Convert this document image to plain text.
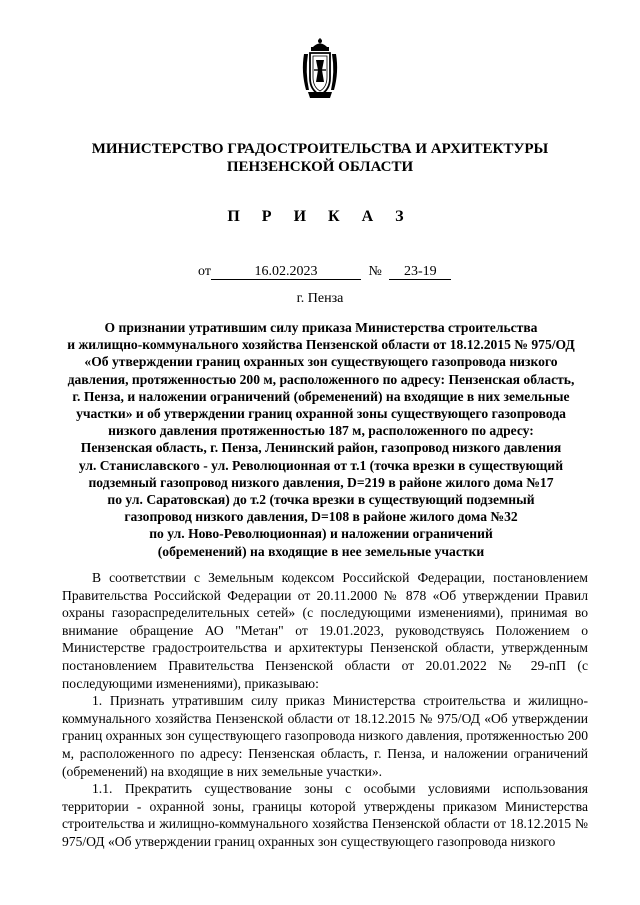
МИНИСТЕРСТВО ГРАДОСТРОИТЕЛЬСТВА И АРХИТЕКТУРЫ
ПЕНЗЕНСКОЙ ОБЛАСТИ
П Р И К А З
от	16.02.2023	№ 23-19
г. Пенза
О признании утратившим силу приказа Министерства строительства
и жилищно-коммунального хозяйства Пензенской области от 18.12.2015 № 975/ОД
«Об утверждении границ охранных зон существующего газопровода низкого
давления, протяженностью 200 м, расположенного по адресу: Пензенская область,
г. Пенза, и наложении ограничений (обременений) на входящие в них земельные
участки» и об утверждении границ охранной зоны существующего газопровода
низкого давления протяженностью 187 м, расположенного по адресу:
Пензенская область, г. Пенза, Ленинский район, газопровод низкого давления
ул. Станиславского - ул. Революционная от т.1 (точка врезки в существующий
подземный газопровод низкого давления, D=219 в районе жилого дома №17
по ул. Саратовская) до т.2 (точка врезки в существующий подземный
газопровод низкого давления, D=108 в районе жилого дома №32
по ул. Ново-Революционная) и наложении ограничений
(обременений) на входящие в нее земельные участки

В соответствии с Земельным кодексом Российской Федерации, постановлением Правительства Российской Федерации от 20.11.2000 № 878 «Об утверждении Правил охраны газораспределительных сетей» (с последующими изменениями), принимая во внимание обращение АО "Метан" от 19.01.2023, руководствуясь Положением о Министерстве градостроительства и архитектуры Пензенской области, утвержденным постановлением Правительства Пензенской области от 20.01.2022 № 29-пП (с последующими изменениями), приказываю:

1. Признать утратившим силу приказ Министерства строительства и жилищно-коммунального хозяйства Пензенской области от 18.12.2015 № 975/ОД «Об утверждении границ охранных зон существующего газопровода низкого давления, протяженностью 200 м, расположенного по адресу: Пензенская область, г. Пенза, и наложении ограничений (обременений) на входящие в них земельные участки».

1.1. Прекратить существование зоны с особыми условиями использования территории - охранной зоны, границы которой утверждены приказом Министерства строительства и жилищно-коммунального хозяйства Пензенской области от 18.12.2015 № 975/ОД «Об утверждении границ охранных зон существующего газопровода низкого
